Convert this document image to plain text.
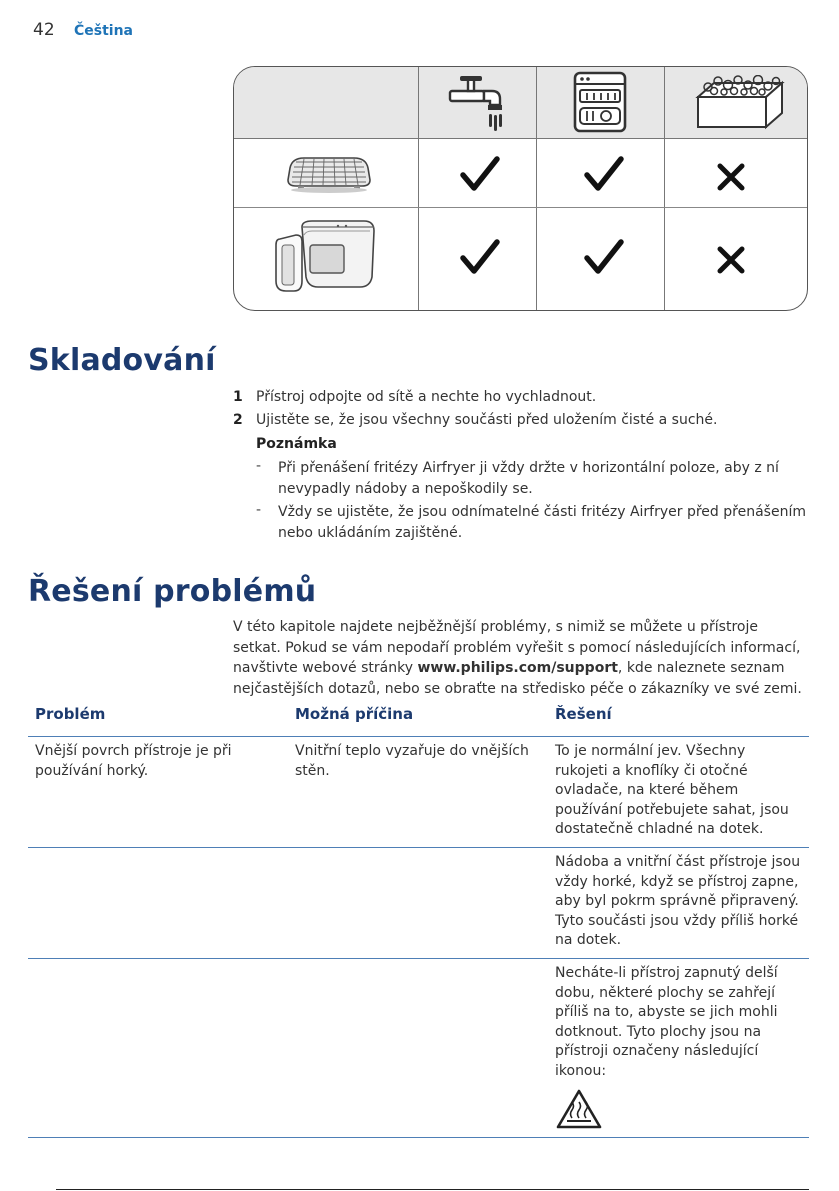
42 Čeština
Skladování
1 Přístroj odpojte od sítě a nechte ho vychladnout.
2 Ujistěte se, že jsou všechny součásti před uložením čisté a suché.
Poznámka
- Při přenášení fritézy Airfryer ji vždy držte v horizontální poloze, aby z ní
nevypadly nádoby a nepoškodily se.
- Vždy se ujistěte, že jsou odnímatelné části fritézy Airfryer před přenášením
nebo ukládáním zajištěné.
Řešení problémů
V této kapitole najdete nejběžnější problémy, s nimiž se můžete u přístroje
setkat. Pokud se vám nepodaří problém vyřešit s pomocí následujících informací,
navštivte webové stránky www.philips.com/support, kde naleznete seznam
nejčastějších dotazů, nebo se obraťte na středisko péče o zákazníky ve své zemi.
Problém	Možná příčina	Řešení
Vnější povrch přístroje je při
používání horký.
Vnitřní teplo vyzařuje do vnějších
stěn.
To je normální jev. Všechny
rukojeti a knoflíky či otočné
ovladače, na které během
používání potřebujete sahat, jsou
dostatečně chladné na dotek.
Nádoba a vnitřní část přístroje jsou
vždy horké, když se přístroj zapne,
aby byl pokrm správně připravený.
Tyto součásti jsou vždy příliš horké
na dotek.
Necháte-li přístroj zapnutý delší
dobu, některé plochy se zahřejí
příliš na to, abyste se jich mohli
dotknout. Tyto plochy jsou na
přístroji označeny následující
ikonou:
